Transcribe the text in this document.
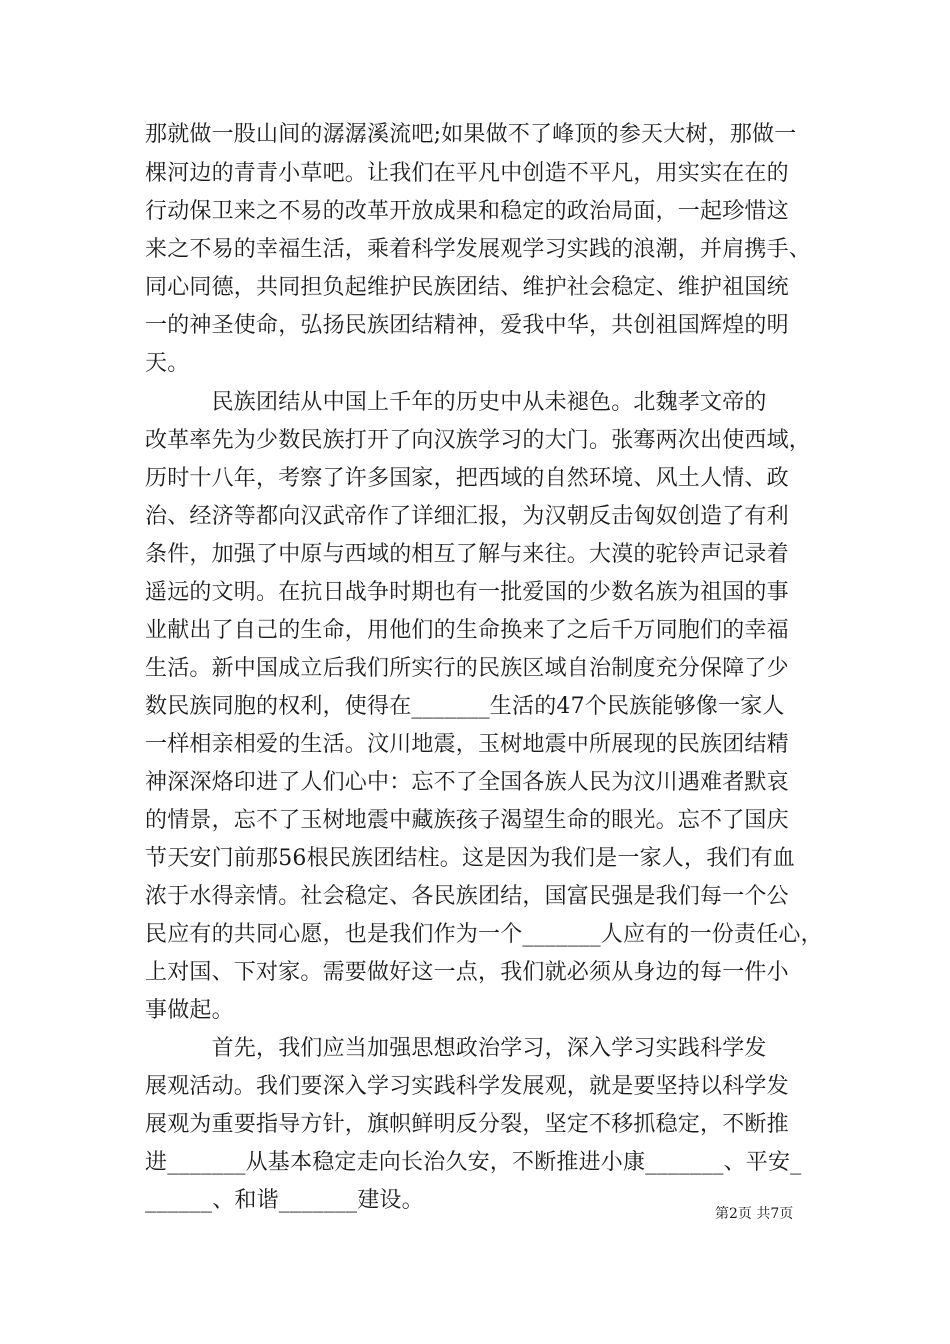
那就做一股山间的潺潺溪流吧;如果做不了峰顶的参天大树，那做一
棵河边的青青小草吧。让我们在平凡中创造不平凡，用实实在在的
行动保卫来之不易的改革开放成果和稳定的政治局面，一起珍惜这
来之不易的幸福生活，乘着科学发展观学习实践的浪潮，并肩携手、
同心同德，共同担负起维护民族团结、维护社会稳定、维护祖国统
一的神圣使命，弘扬民族团结精神，爱我中华，共创祖国辉煌的明
天。
　　　民族团结从中国上千年的历史中从未褪色。北魏孝文帝的
改革率先为少数民族打开了向汉族学习的大门。张骞两次出使西域，
历时十八年，考察了许多国家，把西域的自然环境、风土人情、政
治、经济等都向汉武帝作了详细汇报，为汉朝反击匈奴创造了有利
条件，加强了中原与西域的相互了解与来往。大漠的驼铃声记录着
遥远的文明。在抗日战争时期也有一批爱国的少数名族为祖国的事
业献出了自己的生命，用他们的生命换来了之后千万同胞们的幸福
生活。新中国成立后我们所实行的民族区域自治制度充分保障了少
数民族同胞的权利，使得在_______生活的47个民族能够像一家人
一样相亲相爱的生活。汶川地震，玉树地震中所展现的民族团结精
神深深烙印进了人们心中：忘不了全国各族人民为汶川遇难者默哀
的情景，忘不了玉树地震中藏族孩子渴望生命的眼光。忘不了国庆
节天安门前那56根民族团结柱。这是因为我们是一家人，我们有血
浓于水得亲情。社会稳定、各民族团结，国富民强是我们每一个公
民应有的共同心愿，也是我们作为一个_______人应有的一份责任心，
上对国、下对家。需要做好这一点，我们就必须从身边的每一件小
事做起。
　　　首先，我们应当加强思想政治学习，深入学习实践科学发
展观活动。我们要深入学习实践科学发展观，就是要坚持以科学发
展观为重要指导方针，旗帜鲜明反分裂，坚定不移抓稳定，不断推
进_______从基本稳定走向长治久安，不断推进小康_______、平安_
______、和谐_______建设。
第2页 共7页
